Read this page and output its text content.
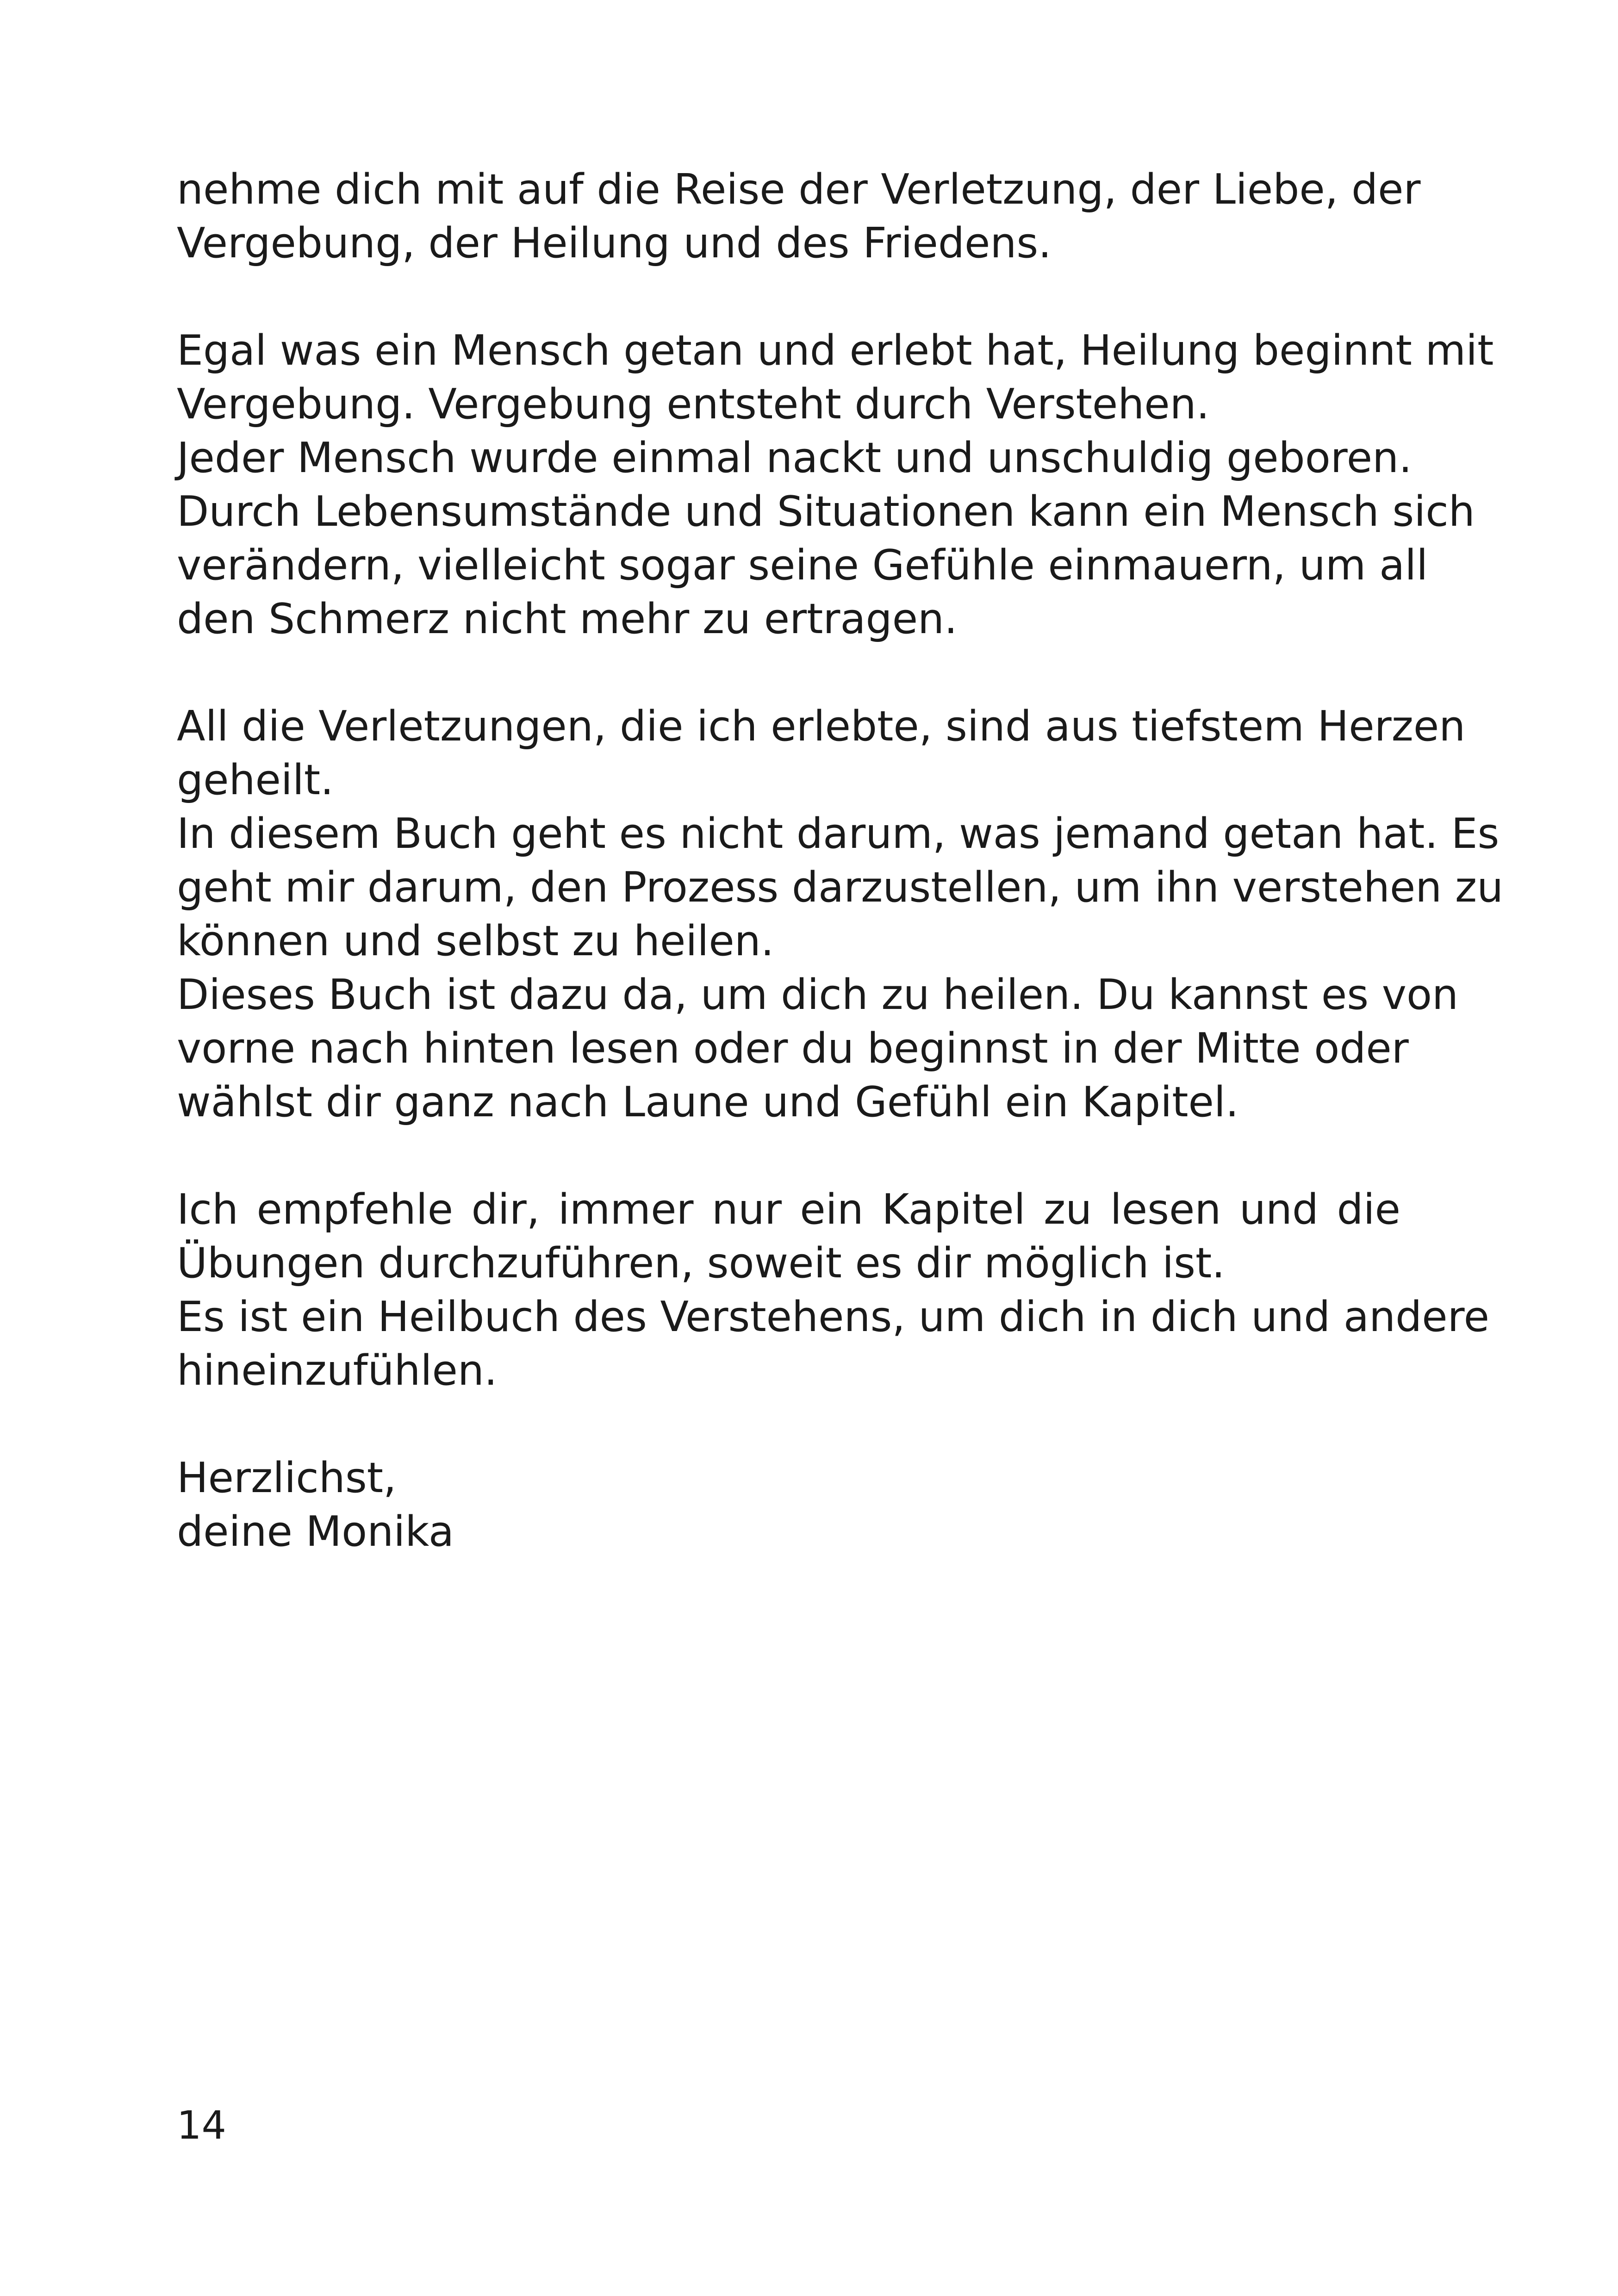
nehme dich mit auf die Reise der Verletzung, der Liebe, der
Vergebung, der Heilung und des Friedens.

Egal was ein Mensch getan und erlebt hat, Heilung beginnt mit
Vergebung. Vergebung entsteht durch Verstehen.
Jeder Mensch wurde einmal nackt und unschuldig geboren.
Durch Lebensumstände und Situationen kann ein Mensch sich
verändern, vielleicht sogar seine Gefühle einmauern, um all
den Schmerz nicht mehr zu ertragen.

All die Verletzungen, die ich erlebte, sind aus tiefstem Herzen
geheilt.
In diesem Buch geht es nicht darum, was jemand getan hat. Es
geht mir darum, den Prozess darzustellen, um ihn verstehen zu
können und selbst zu heilen.
Dieses Buch ist dazu da, um dich zu heilen. Du kannst es von
vorne nach hinten lesen oder du beginnst in der Mitte oder
wählst dir ganz nach Laune und Gefühl ein Kapitel.

Ich empfehle dir, immer nur ein Kapitel zu lesen und die
Übungen durchzuführen, soweit es dir möglich ist.
Es ist ein Heilbuch des Verstehens, um dich in dich und andere
hineinzufühlen.

Herzlichst,
deine Monika

14
